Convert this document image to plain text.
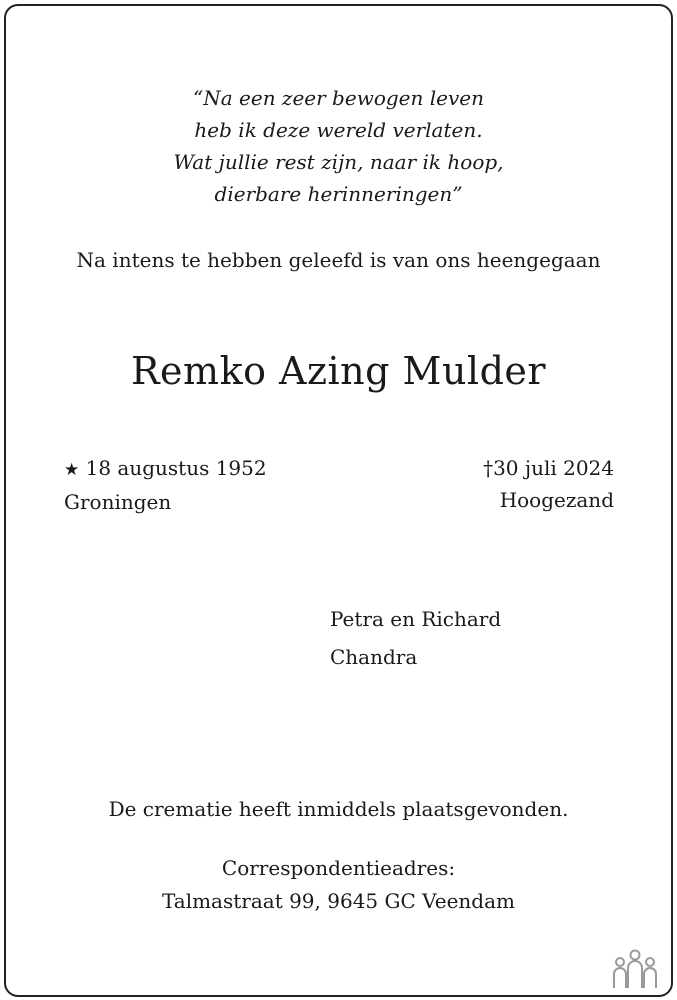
“Na een zeer bewogen leven
heb ik deze wereld verlaten.
Wat jullie rest zijn, naar ik hoop,
dierbare herinneringen”
Na intens te hebben geleefd is van ons heengegaan
Remko Azing Mulder
★ 18 augustus 1952
Groningen
†30 juli 2024
Hoogezand
Petra en Richard
Chandra
De crematie heeft inmiddels plaatsgevonden.
Correspondentieadres:
Talmastraat 99, 9645 GC Veendam
